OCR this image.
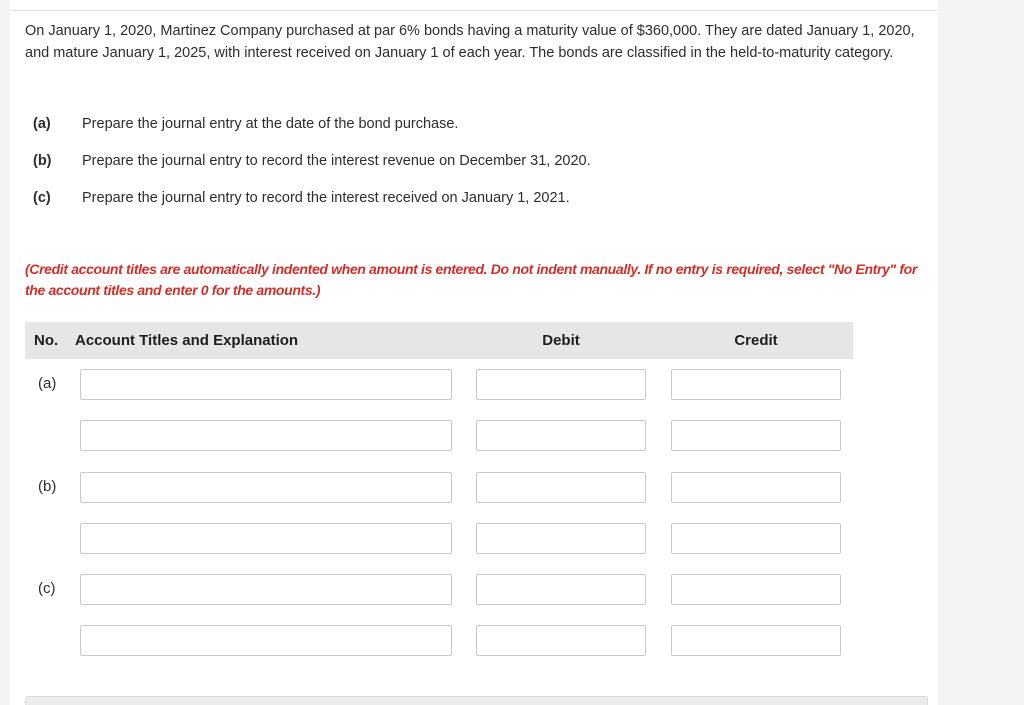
On January 1, 2020, Martinez Company purchased at par 6% bonds having a maturity value of $360,000. They are dated January 1, 2020, and mature January 1, 2025, with interest received on January 1 of each year. The bonds are classified in the held-to-maturity category.

(a) Prepare the journal entry at the date of the bond purchase.
(b) Prepare the journal entry to record the interest revenue on December 31, 2020.
(c) Prepare the journal entry to record the interest received on January 1, 2021.

(Credit account titles are automatically indented when amount is entered. Do not indent manually. If no entry is required, select "No Entry" for the account titles and enter 0 for the amounts.)

No. Account Titles and Explanation	Debit	Credit
(a)
(b)
(c)
